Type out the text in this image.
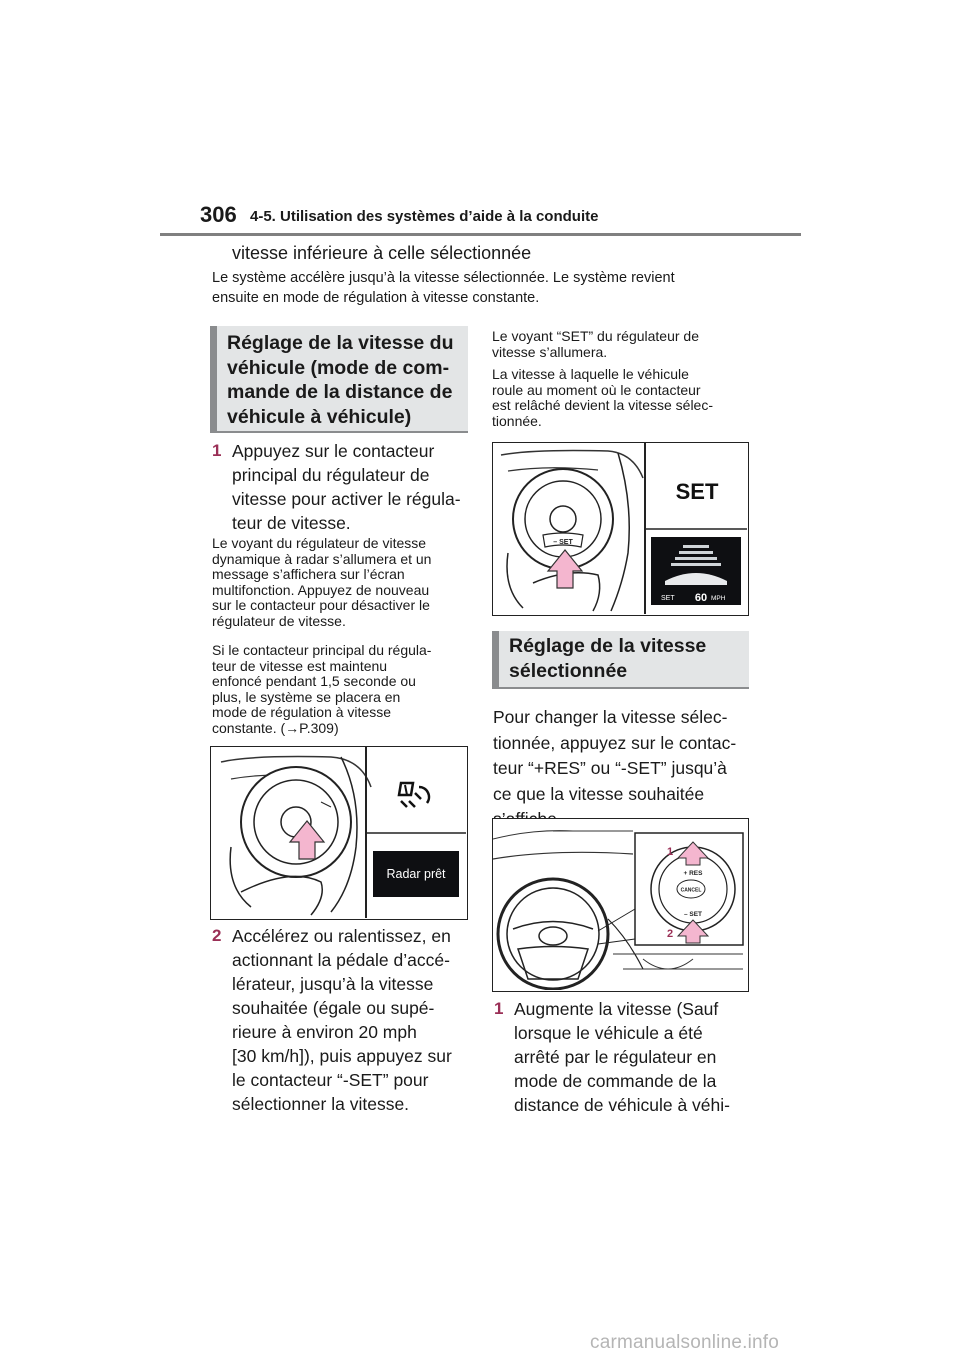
306 4-5. Utilisation des systèmes d’aide à la conduite
vitesse inférieure à celle sélectionnée
Le système accélère jusqu’à la vitesse sélectionnée. Le système revient
ensuite en mode de régulation à vitesse constante.
Réglage de la vitesse du
véhicule (mode de com-
mande de la distance de
véhicule à véhicule)
1 Appuyez sur le contacteur
principal du régulateur de
vitesse pour activer le régula-
teur de vitesse.
Le voyant du régulateur de vitesse
dynamique à radar s’allumera et un
message s’affichera sur l’écran
multifonction. Appuyez de nouveau
sur le contacteur pour désactiver le
régulateur de vitesse.
Si le contacteur principal du régula-
teur de vitesse est maintenu
enfoncé pendant 1,5 seconde ou
plus, le système se placera en
mode de régulation à vitesse
constante. (→P.309)
Radar prêt
2 Accélérez ou ralentissez, en
actionnant la pédale d’accé-
lérateur, jusqu’à la vitesse
souhaitée (égale ou supé-
rieure à environ 20 mph
[30 km/h]), puis appuyez sur
le contacteur “-SET” pour
sélectionner la vitesse.
Le voyant “SET” du régulateur de
vitesse s’allumera.
La vitesse à laquelle le véhicule
roule au moment où le contacteur
est relâché devient la vitesse sélec-
tionnée.
– SET
SET
SET 60 MPH
Réglage de la vitesse
sélectionnée
Pour changer la vitesse sélec-
tionnée, appuyez sur le contac-
teur “+RES” ou “-SET” jusqu’à
ce que la vitesse souhaitée
+ RES
CANCEL
– SET
1
2
1 Augmente la vitesse (Sauf
lorsque le véhicule a été
arrêté par le régulateur en
mode de commande de la
distance de véhicule à véhi-
carmanualsonline.info
